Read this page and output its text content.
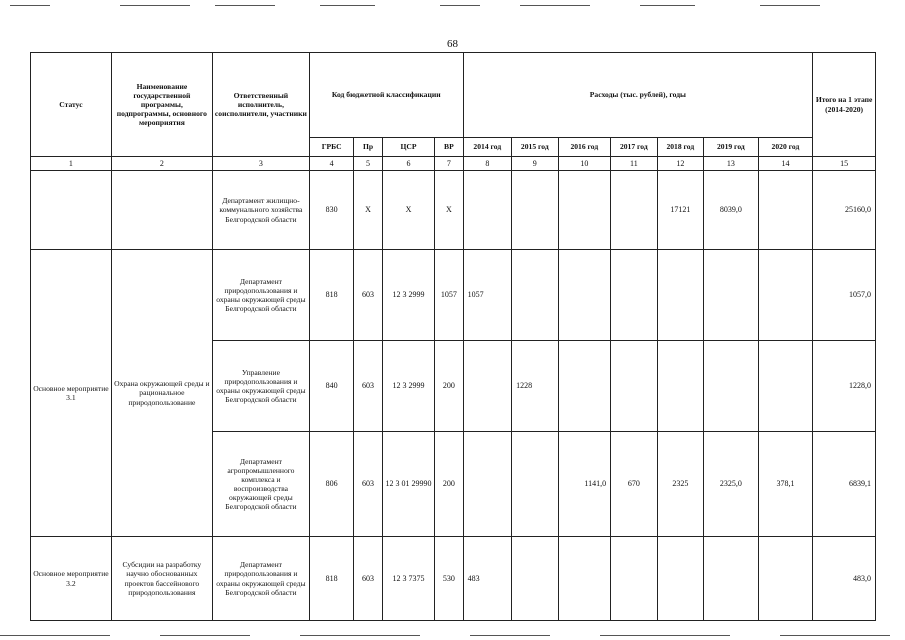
68
Статус	Наименование государственной программы, подпрограммы, основного мероприятия	Ответственный исполнитель, соисполнители, участники	Код бюджетной классификации				Расходы (тыс. рублей), годы							Итого на 1 этапе (2014-2020)
			ГРБС	Пр	ЦСР	ВР	2014 год	2015 год	2016 год	2017 год	2018 год	2019 год	2020 год	
1	2	3	4	5	6	7	8	9	10	11	12	13	14	15
		Департамент жилищно-коммунального хозяйства Белгородской области	830	Х	Х	Х					17121	8039,0		25160,0
Основное мероприятие 3.1	Охрана окружающей среды и рациональное природопользование	Департамент природопользования и охраны окружающей среды Белгородской области	818	603	12 3 2999	1057	1057							1057,0
		Управление природопользования и охраны окружающей среды Белгородской области	840	603	12 3 2999	200		1228						1228,0
		Департамент агропромышленного комплекса и воспроизводства окружающей среды Белгородской области	806	603	12 3 01 29990	200			1141,0	670	2325	2325,0	378,1	6839,1
Основное мероприятие 3.2	Субсидии на разработку научно обоснованных проектов бассейнового природопользования	Департамент природопользования и охраны окружающей среды Белгородской области	818	603	12 3 7375	530	483							483,0
